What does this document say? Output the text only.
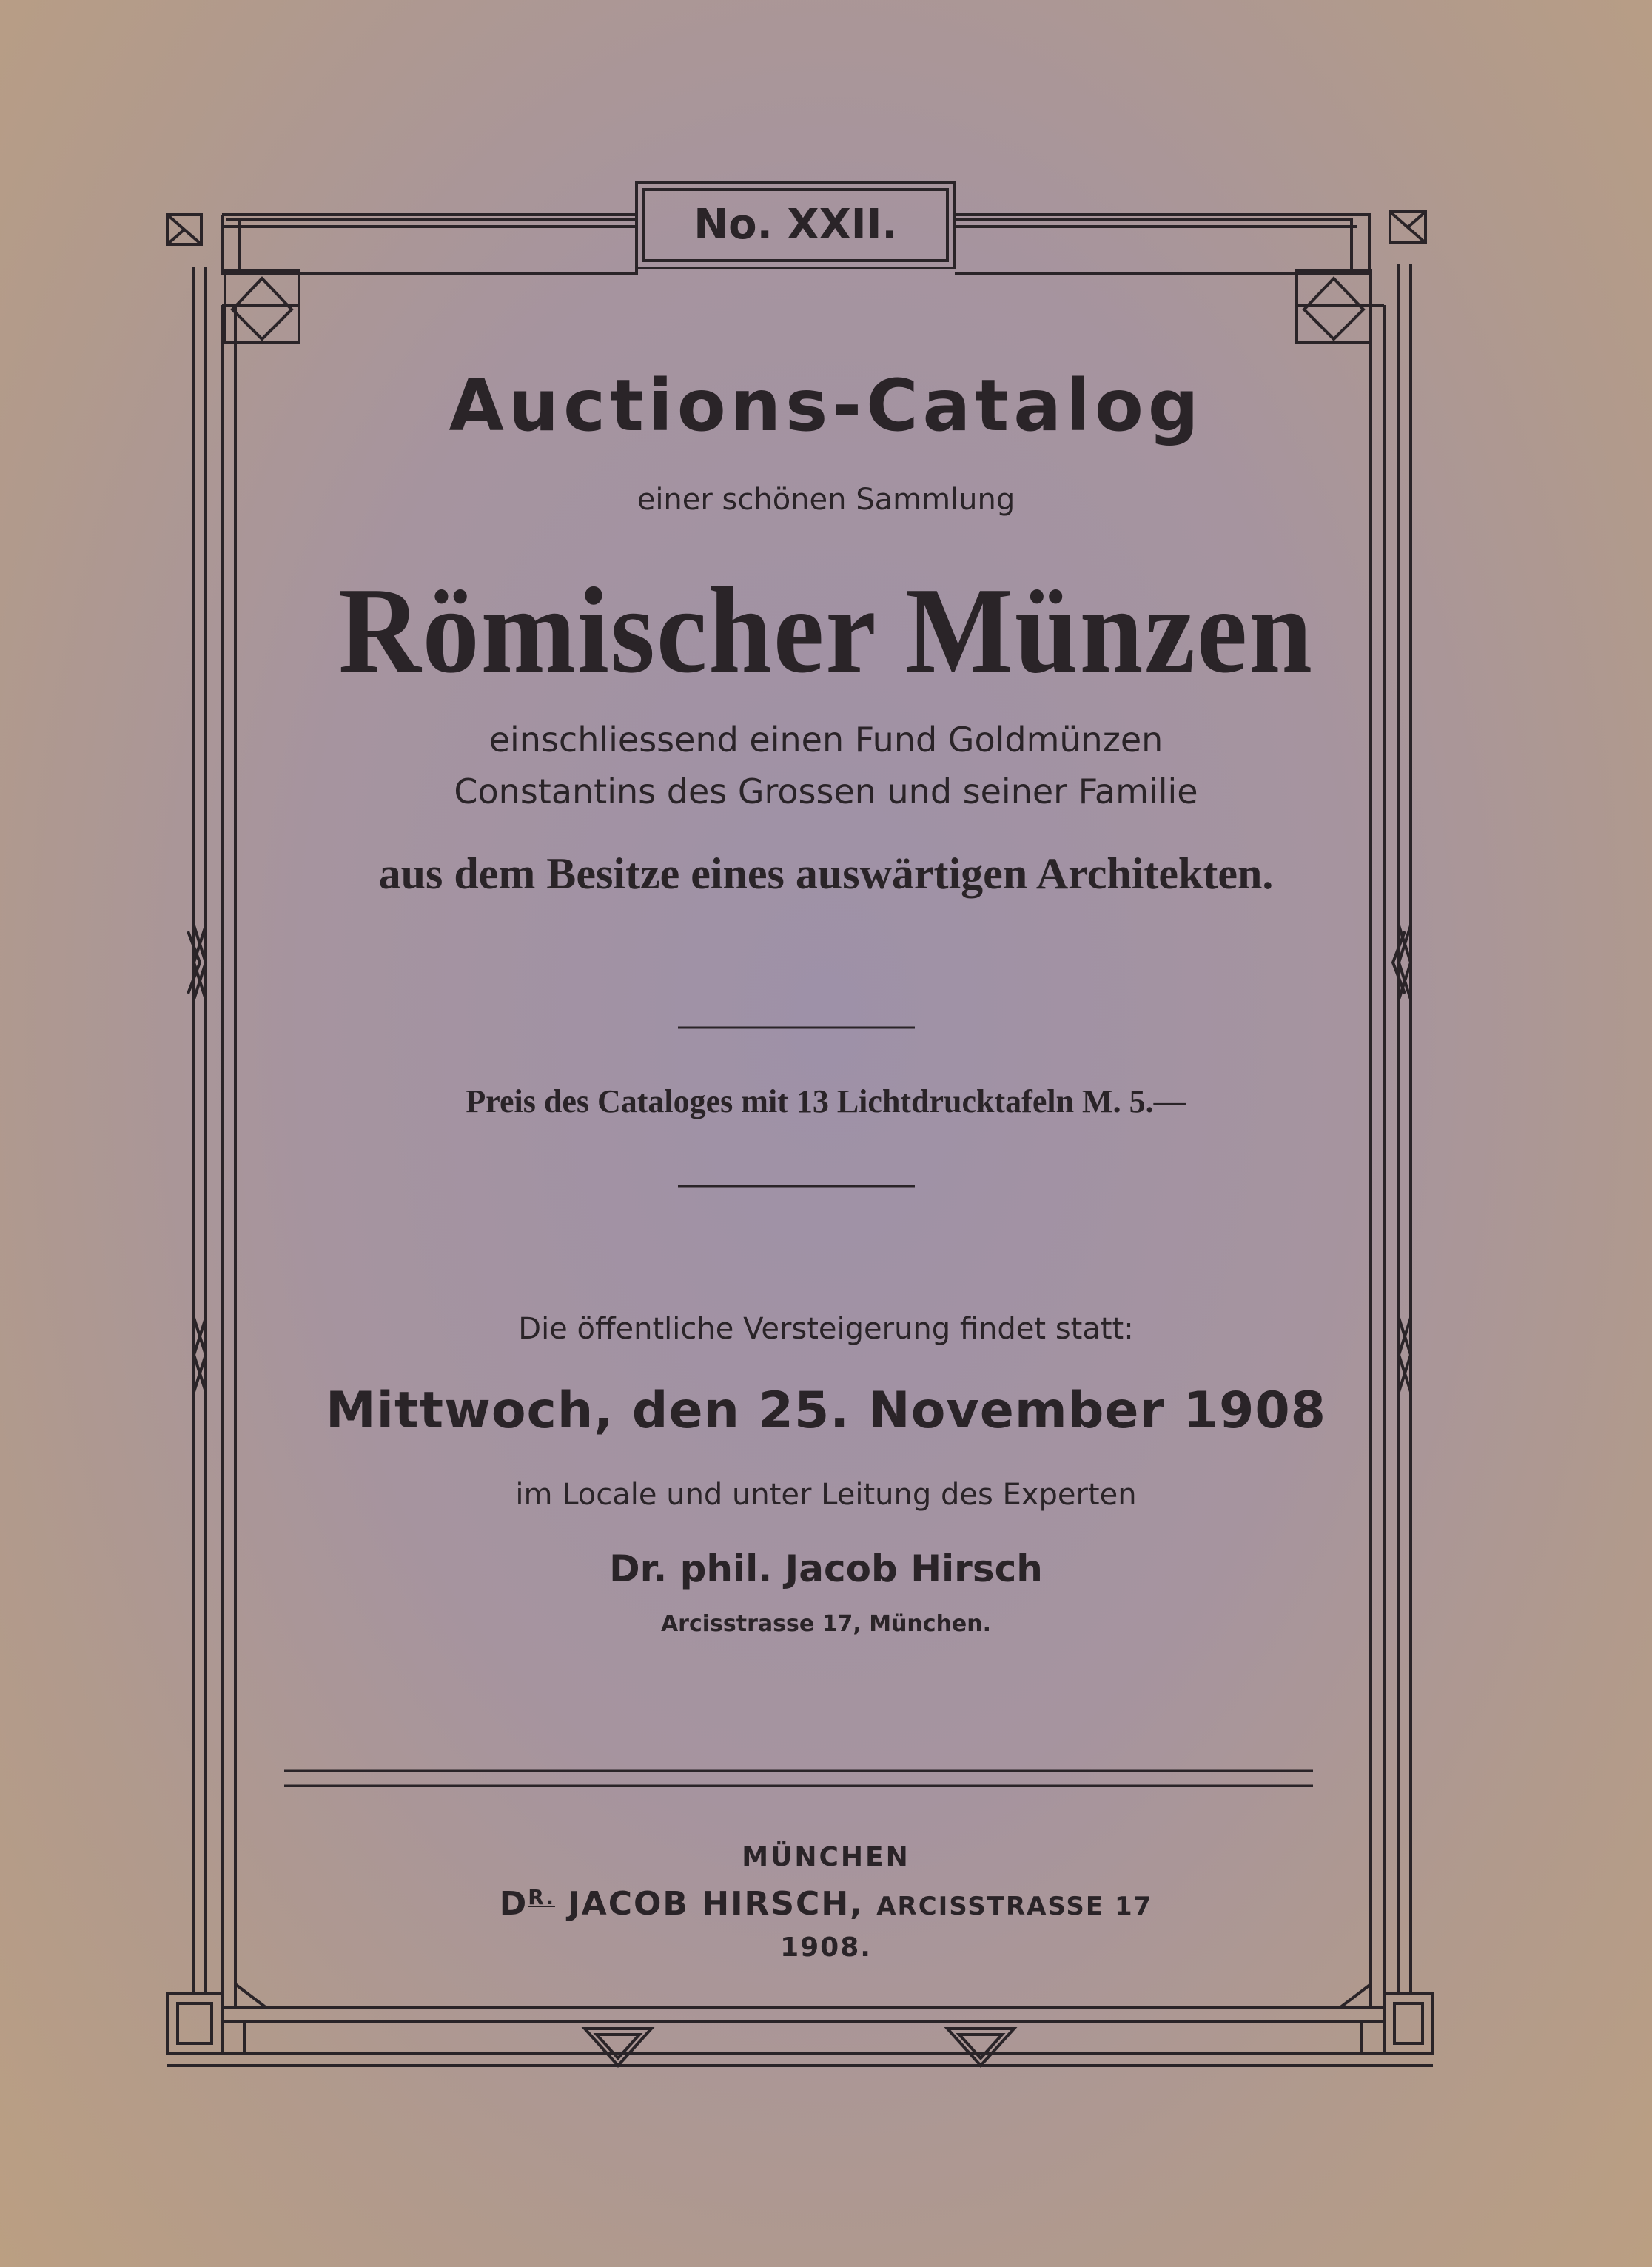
No. XXII.

Auctions-Catalog

einer schönen Sammlung

Römischer Münzen

einschliessend einen Fund Goldmünzen

Constantins des Grossen und seiner Familie

aus dem Besitze eines auswärtigen Architekten.

Preis des Cataloges mit 13 Lichtdrucktafeln M. 5.—

Die öffentliche Versteigerung findet statt:

Mittwoch, den 25. November 1908

im Locale und unter Leitung des Experten

Dr. phil. Jacob Hirsch

Arcisstrasse 17, München.

MÜNCHEN

$D^{R.}$ JACOB HIRSCH, ARCISSTRASSE 17

1908.
